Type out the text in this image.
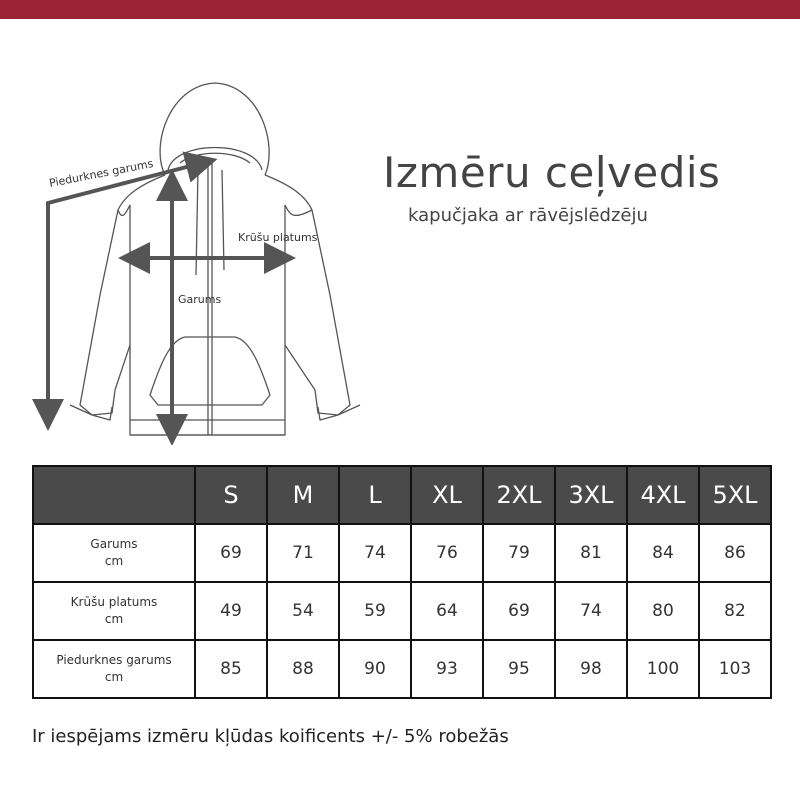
Piedurknes garums
Krūšu platums
Garums
Izmēru ceļvedis
kapučjaka ar rāvējslēdzēju
	S	M	L	XL	2XL	3XL	4XL	5XL

Garums
cm	69	71	74	76	79	81	84	86

Krūšu platums
cm	49	54	59	64	69	74	80	82

Piedurknes garums
cm	85	88	90	93	95	98	100	103
Ir iespējams izmēru kļūdas koificents +/- 5% robežās
